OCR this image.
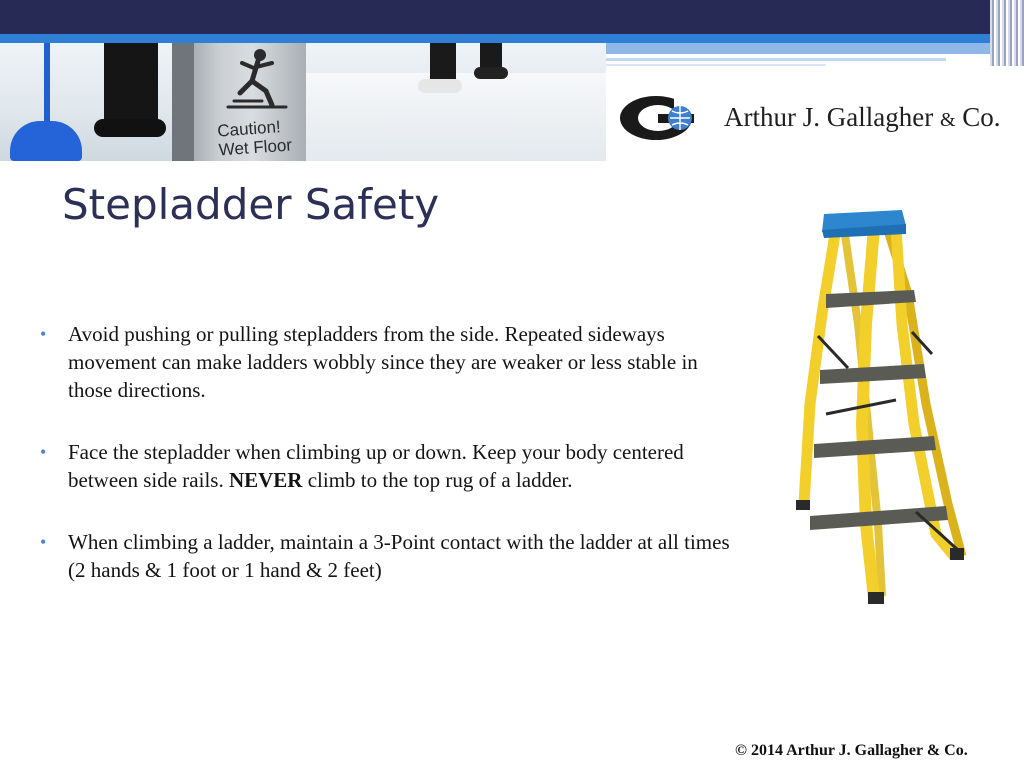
Caution!
Wet Floor
Arthur J. Gallagher & Co.
Stepladder Safety
• Avoid pushing or pulling stepladders from the side. Repeated sideways movement can make ladders wobbly since they are weaker or less stable in those directions.
• Face the stepladder when climbing up or down. Keep your body centered between side rails. NEVER climb to the top rug of a ladder.
• When climbing a ladder, maintain a 3-Point contact with the ladder at all times (2 hands & 1 foot or 1 hand & 2 feet)
© 2014 Arthur J. Gallagher & Co.
